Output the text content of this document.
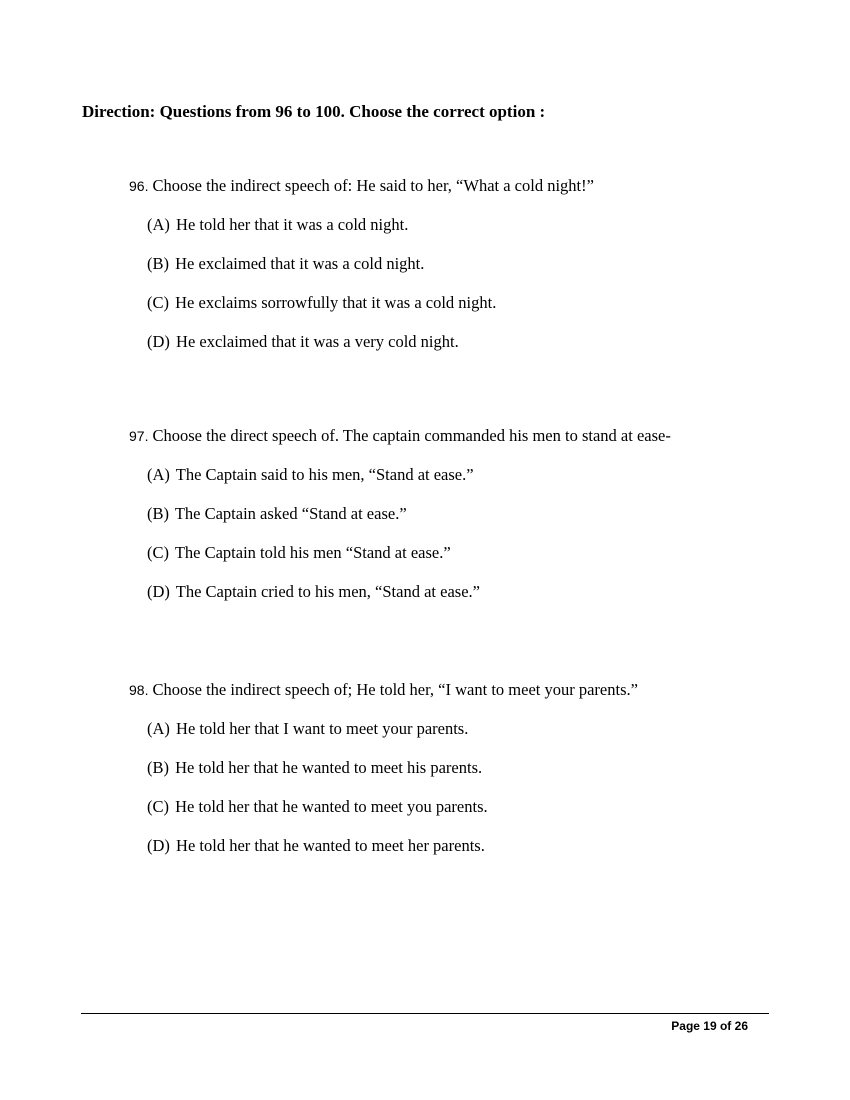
Direction: Questions from 96 to 100. Choose the correct option :
96. Choose the indirect speech of: He said to her, “What a cold night!”
(A) He told her that it was a cold night.
(B) He exclaimed that it was a cold night.
(C) He exclaims sorrowfully that it was a cold night.
(D) He exclaimed that it was a very cold night.
97. Choose the direct speech of. The captain commanded his men to stand at ease-
(A) The Captain said to his men, “Stand at ease.”
(B) The Captain asked “Stand at ease.”
(C) The Captain told his men “Stand at ease.”
(D) The Captain cried to his men, “Stand at ease.”
98. Choose the indirect speech of; He told her, “I want to meet your parents.”
(A) He told her that I want to meet your parents.
(B) He told her that he wanted to meet his parents.
(C) He told her that he wanted to meet you parents.
(D) He told her that he wanted to meet her parents.
Page 19 of 26
